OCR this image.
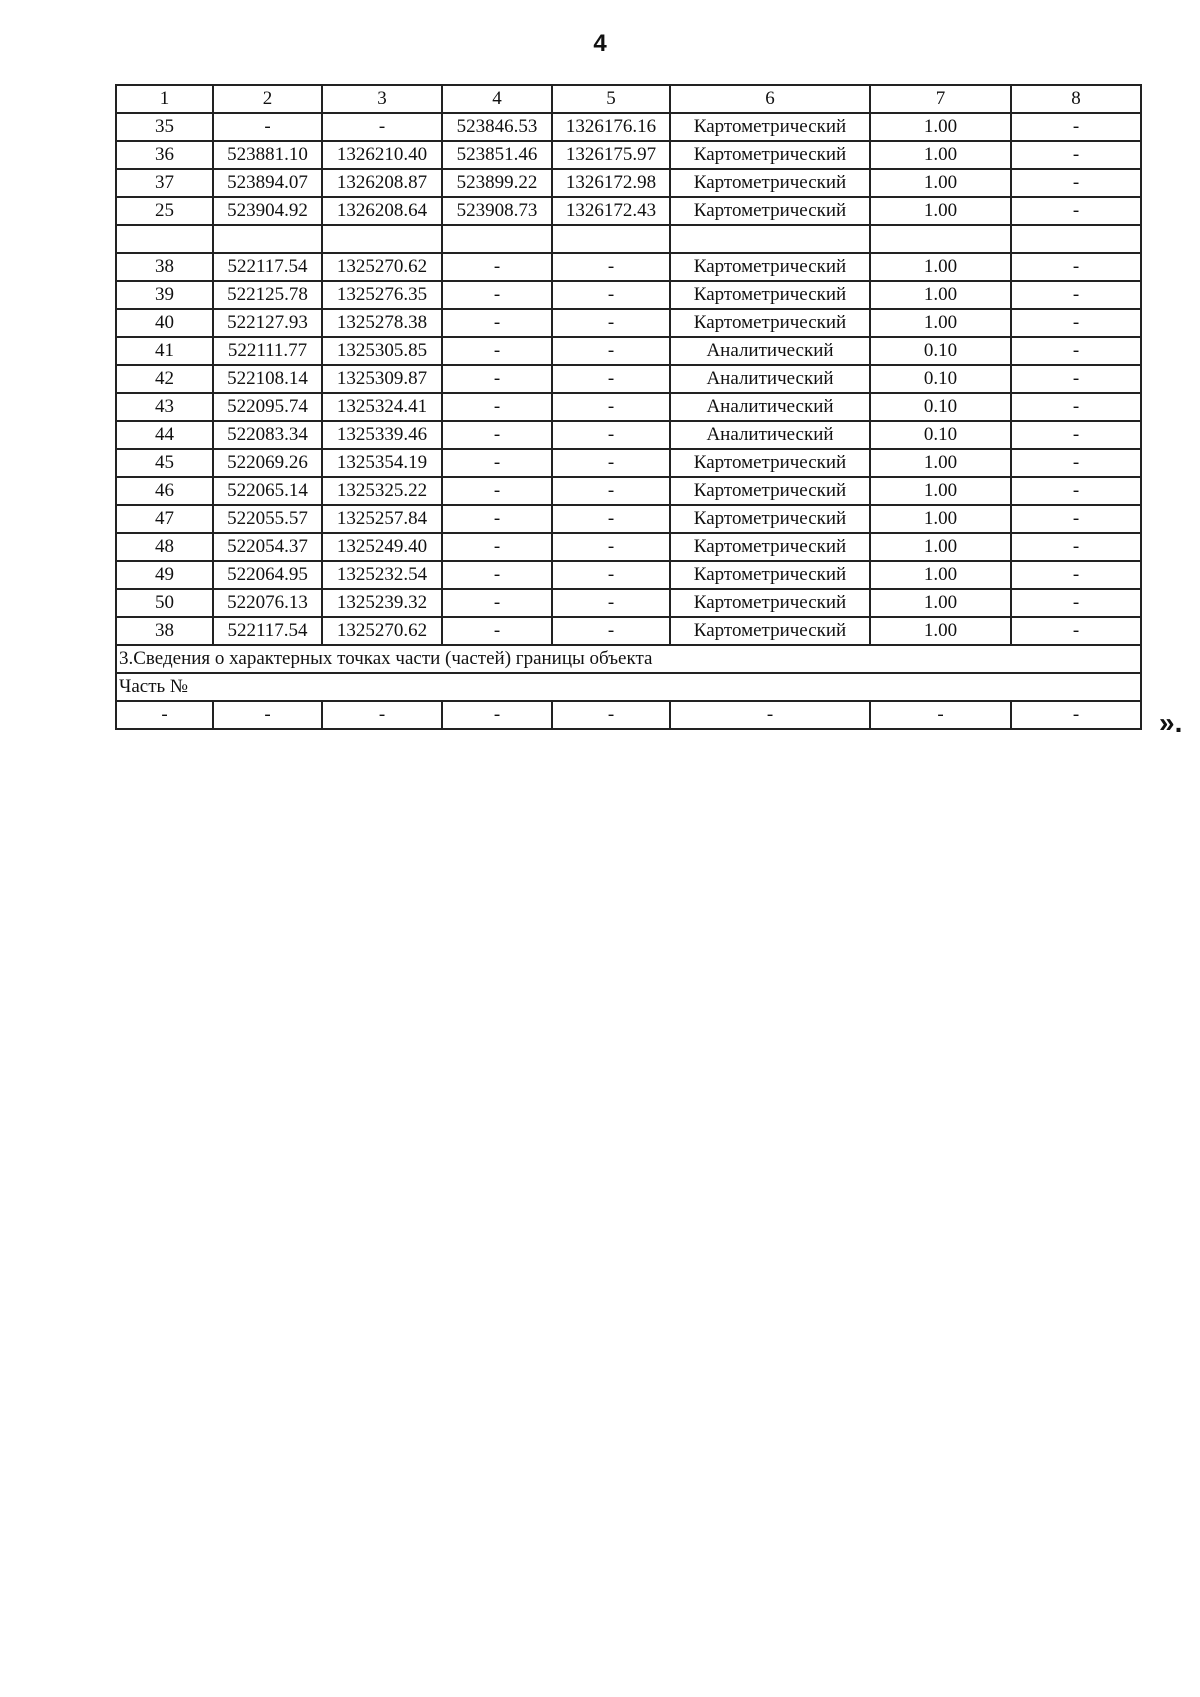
4
1	2	3	4	5	6	7	8
35	-	-	523846.53	1326176.16	Картометрический	1.00	-
36	523881.10	1326210.40	523851.46	1326175.97	Картометрический	1.00	-
37	523894.07	1326208.87	523899.22	1326172.98	Картометрический	1.00	-
25	523904.92	1326208.64	523908.73	1326172.43	Картометрический	1.00	-

38	522117.54	1325270.62	-	-	Картометрический	1.00	-
39	522125.78	1325276.35	-	-	Картометрический	1.00	-
40	522127.93	1325278.38	-	-	Картометрический	1.00	-
41	522111.77	1325305.85	-	-	Аналитический	0.10	-
42	522108.14	1325309.87	-	-	Аналитический	0.10	-
43	522095.74	1325324.41	-	-	Аналитический	0.10	-
44	522083.34	1325339.46	-	-	Аналитический	0.10	-
45	522069.26	1325354.19	-	-	Картометрический	1.00	-
46	522065.14	1325325.22	-	-	Картометрический	1.00	-
47	522055.57	1325257.84	-	-	Картометрический	1.00	-
48	522054.37	1325249.40	-	-	Картометрический	1.00	-
49	522064.95	1325232.54	-	-	Картометрический	1.00	-
50	522076.13	1325239.32	-	-	Картометрический	1.00	-
38	522117.54	1325270.62	-	-	Картометрический	1.00	-
3.Сведения о характерных точках части (частей) границы объекта							
Часть №							
-	-	-	-	-	-	-	-	».
